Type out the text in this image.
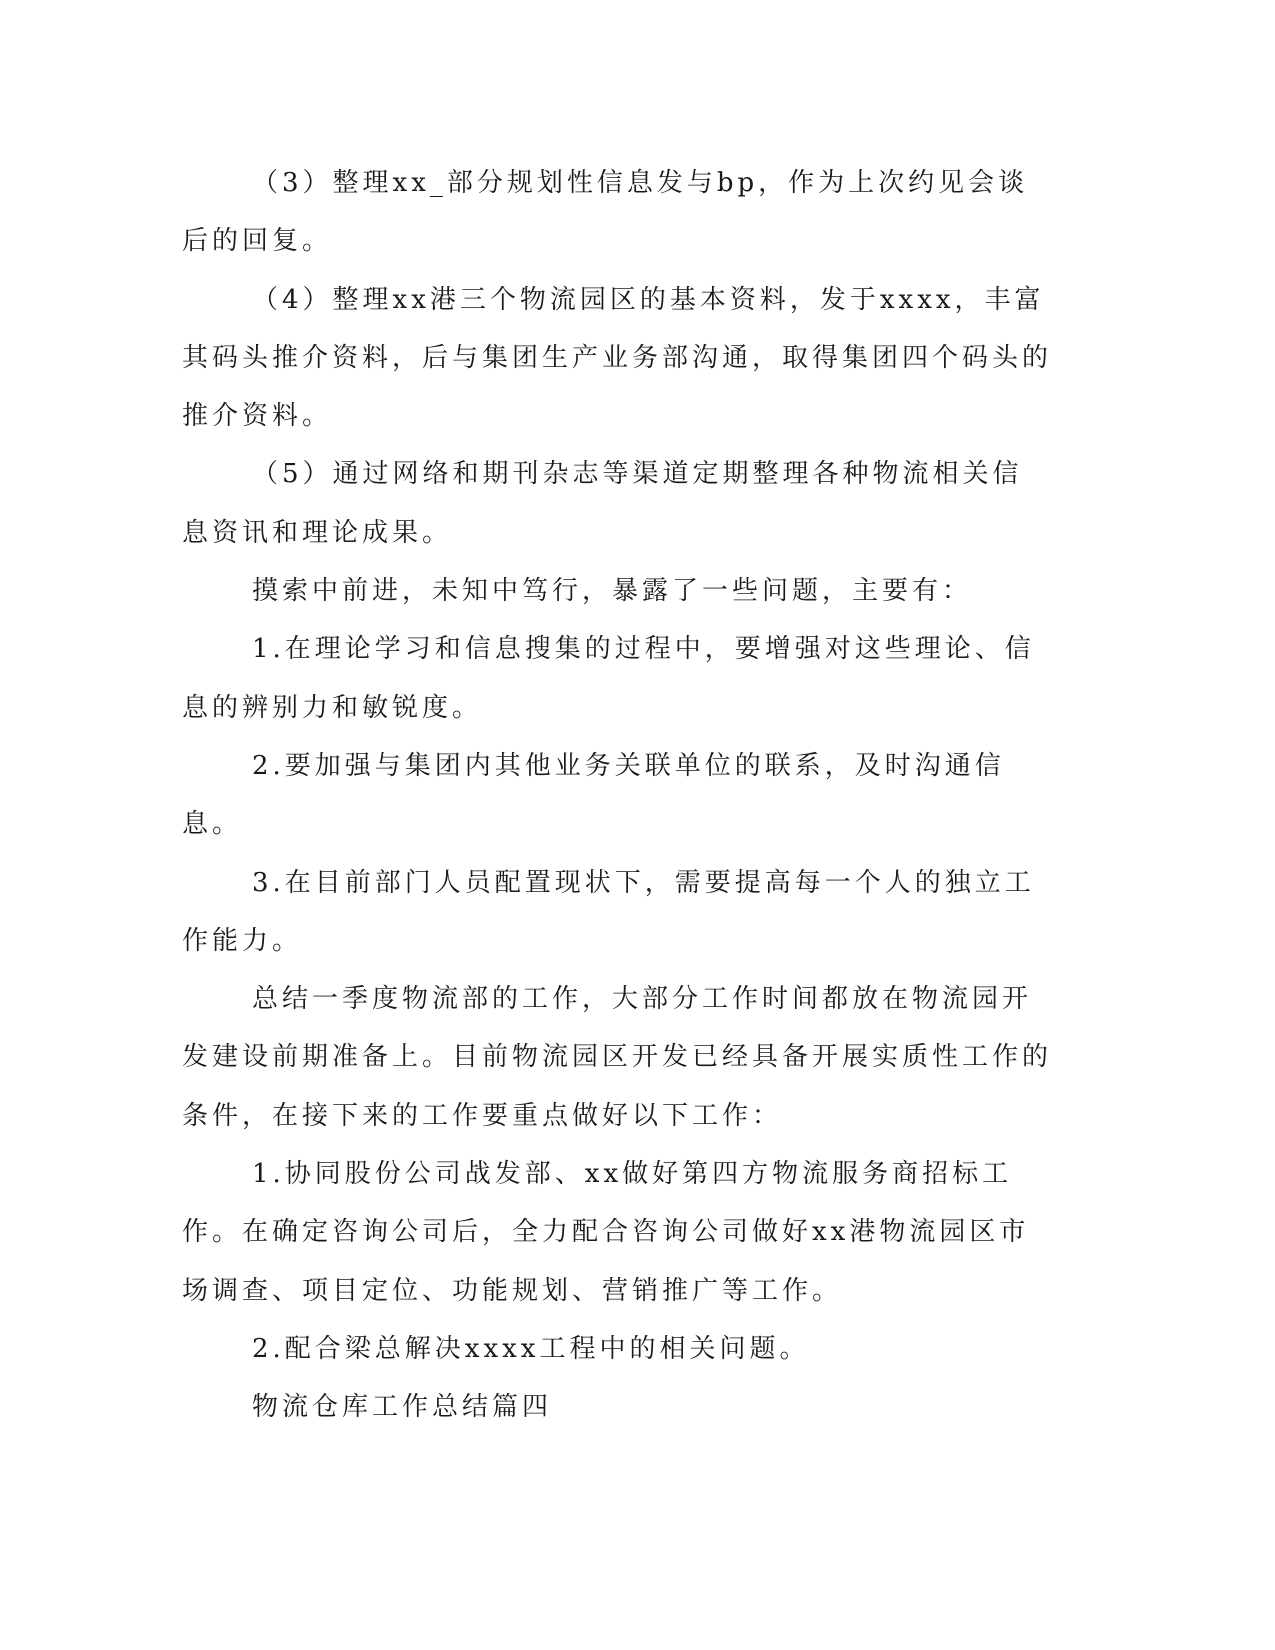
（3）整理xx_部分规划性信息发与bp，作为上次约见会谈后的回复。

（4）整理xx港三个物流园区的基本资料，发于xxxx，丰富其码头推介资料，后与集团生产业务部沟通，取得集团四个码头的推介资料。

（5）通过网络和期刊杂志等渠道定期整理各种物流相关信息资讯和理论成果。

摸索中前进，未知中笃行，暴露了一些问题，主要有：

1.在理论学习和信息搜集的过程中，要增强对这些理论、信息的辨别力和敏锐度。

2.要加强与集团内其他业务关联单位的联系，及时沟通信息。

3.在目前部门人员配置现状下，需要提高每一个人的独立工作能力。

总结一季度物流部的工作，大部分工作时间都放在物流园开发建设前期准备上。目前物流园区开发已经具备开展实质性工作的条件，在接下来的工作要重点做好以下工作：

1.协同股份公司战发部、xx做好第四方物流服务商招标工作。在确定咨询公司后，全力配合咨询公司做好xx港物流园区市场调查、项目定位、功能规划、营销推广等工作。

2.配合梁总解决xxxx工程中的相关问题。

物流仓库工作总结篇四
